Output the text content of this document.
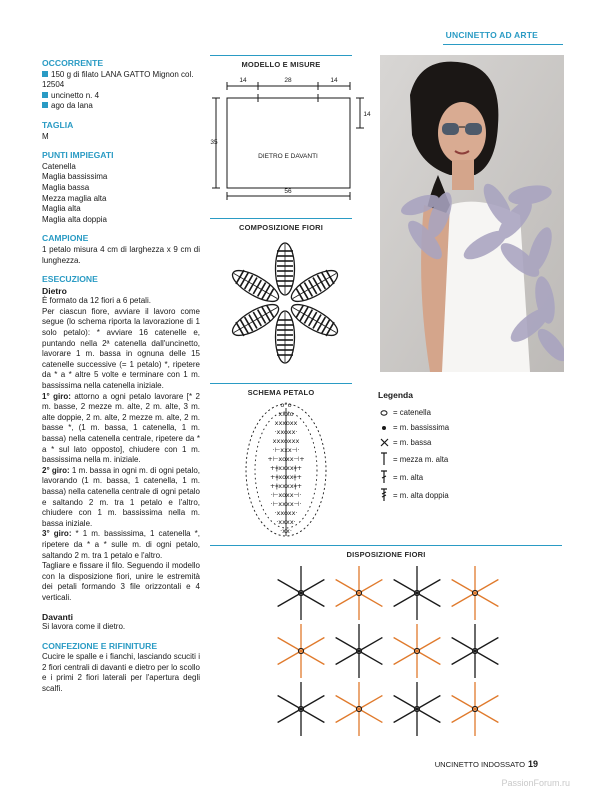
UNCINETTO AD ARTE
OCCORRENTE
150 g di filato LANA GATTO Mignon col. 12504
uncinetto n. 4
ago da lana
TAGLIA
M
PUNTI IMPIEGATI
Catenella
Maglia bassissima
Maglia bassa
Mezza maglia alta
Maglia alta
Maglia alta doppia
CAMPIONE
1 petalo misura 4 cm di larghezza x 9 cm di lunghezza.
ESECUZIONE
Dietro
È formato da 12 fiori a 6 petali.
Per ciascun fiore, avviare il lavoro come segue (lo schema riporta la lavorazione di 1 solo petalo): * avviare 16 catenelle e, puntando nella 2ª catenella dall'uncinetto, lavorare 1 m. bassa in ognuna delle 15 catenelle successive (= 1 petalo) *, ripetere da * a * altre 5 volte e terminare con 1 m. bassissima nella catenella iniziale.
1° giro: attorno a ogni petalo lavorare [* 2 m. basse, 2 mezze m. alte, 2 m. alte, 3 m. alte doppie, 2 m. alte, 2 mezze m. alte, 2 m. basse *, (1 m. bassa, 1 catenella, 1 m. bassa) nella catenella centrale, ripetere da * a * sul lato opposto], chiudere con 1 m. bassissima nella m. iniziale.
2° giro: 1 m. bassa in ogni m. di ogni petalo, lavorando (1 m. bassa, 1 catenella, 1 m. bassa) nella catenella centrale di ogni petalo e saltando 2 m. tra 1 petalo e l'altro, chiudere con 1 m. bassissima nella m. bassa iniziale.
3° giro: * 1 m. bassissima, 1 catenella *, ripetere da * a * sulle m. di ogni petalo, saltando 2 m. tra 1 petalo e l'altro.
Tagliare e fissare il filo. Seguendo il modello con la disposizione fiori, unire le estremità dei petali formando 3 file orizzontali e 4 verticali.
Davanti
Si lavora come il dietro.
CONFEZIONE E RIFINITURE
Cucire le spalle e i fianchi, lasciando scuciti i 2 fiori centrali di davanti e dietro per lo scollo e i primi 2 fiori laterali per l'apertura degli scalfi.
MODELLO E MISURE
14	28	14
14
35
56
DIETRO E DAVANTI
COMPOSIZIONE FIORI
SCHEMA PETALO
o°o
xxxo
xxxoxx
·xxoxx·
xxxoxxx
·⊢xxx⊣·
+⊢xoxx⊣+
+ǂxxxxǂ+
+ǂxoxxǂ+
+ǂxxxxǂ+
·⊢xoxx⊣·
·⊢xxxx⊣·
·xxoxx·
·xxxx·
·xx·
Legenda
= catenella
= m. bassissima
= m. bassa
= mezza m. alta
= m. alta
= m. alta doppia
DISPOSIZIONE FIORI
UNCINETTO INDOSSATO 19
PassionForum.ru
